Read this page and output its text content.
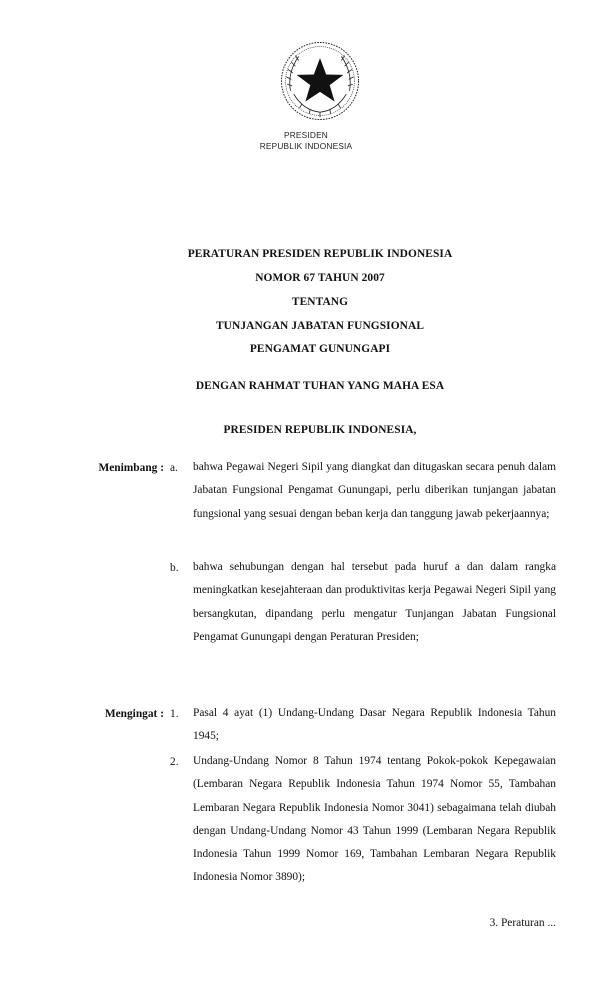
PRESIDEN
REPUBLIK INDONESIA
PERATURAN PRESIDEN REPUBLIK INDONESIA
NOMOR 67 TAHUN 2007
TENTANG
TUNJANGAN JABATAN FUNGSIONAL
PENGAMAT GUNUNGAPI
DENGAN RAHMAT TUHAN YANG MAHA ESA
PRESIDEN REPUBLIK INDONESIA,
Menimbang : a.	bahwa Pegawai Negeri Sipil yang diangkat dan ditugaskan secara penuh dalam Jabatan Fungsional Pengamat Gunungapi, perlu diberikan tunjangan jabatan fungsional yang sesuai dengan beban kerja dan tanggung jawab pekerjaannya;
b.	bahwa sehubungan dengan hal tersebut pada huruf a dan dalam rangka meningkatkan kesejahteraan dan produktivitas kerja Pegawai Negeri Sipil yang bersangkutan, dipandang perlu mengatur Tunjangan Jabatan Fungsional Pengamat Gunungapi dengan Peraturan Presiden;
Mengingat : 1.	Pasal 4 ayat (1) Undang-Undang Dasar Negara Republik Indonesia Tahun 1945;
2.	Undang-Undang Nomor 8 Tahun 1974 tentang Pokok-pokok Kepegawaian (Lembaran Negara Republik Indonesia Tahun 1974 Nomor 55, Tambahan Lembaran Negara Republik Indonesia Nomor 3041) sebagaimana telah diubah dengan Undang-Undang Nomor 43 Tahun 1999 (Lembaran Negara Republik Indonesia Tahun 1999 Nomor 169, Tambahan Lembaran Negara Republik Indonesia Nomor 3890);
3. Peraturan ...
